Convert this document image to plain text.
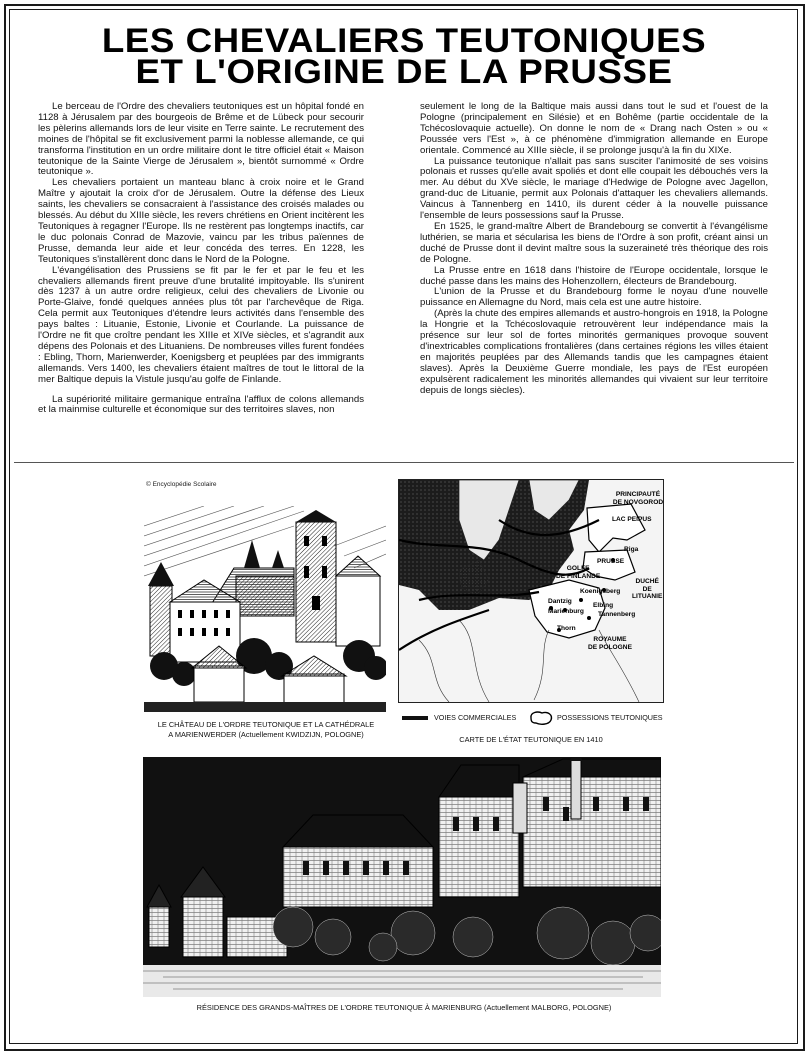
LES CHEVALIERS TEUTONIQUES
ET L'ORIGINE DE LA PRUSSE

Le berceau de l'Ordre des chevaliers teutoniques est un hôpital fondé en 1128 à Jérusalem par des bourgeois de Brême et de Lübeck pour secourir les pèlerins allemands lors de leur visite en Terre sainte. Le recrutement des moines de l'hôpital se fit exclusivement parmi la noblesse allemande, ce qui transforma l'institution en un ordre militaire dont le titre officiel était « Maison teutonique de la Sainte Vierge de Jérusalem », bientôt surnommé « Ordre teutonique ».

Les chevaliers portaient un manteau blanc à croix noire et le Grand Maître y ajoutait la croix d'or de Jérusalem. Outre la défense des Lieux saints, les chevaliers se consacraient à l'assistance des croisés malades ou blessés. Au début du XIIIe siècle, les revers chrétiens en Orient incitèrent les Teutoniques à regagner l'Europe. Ils ne restèrent pas longtemps inactifs, car le duc polonais Conrad de Mazovie, vaincu par les tribus païennes de Prusse, demanda leur aide et leur concéda des terres. En 1228, les Teutoniques s'installèrent donc dans le Nord de la Pologne.

L'évangélisation des Prussiens se fit par le fer et par le feu et les chevaliers allemands firent preuve d'une brutalité impitoyable. Ils s'unirent dès 1237 à un autre ordre religieux, celui des chevaliers de Livonie ou Porte-Glaive, fondé quelques années plus tôt par l'archevêque de Riga. Cela permit aux Teutoniques d'étendre leurs activités dans l'ensemble des pays baltes : Lituanie, Estonie, Livonie et Courlande. La puissance de l'Ordre ne fit que croître pendant les XIIIe et XIVe siècles, et s'agrandit aux dépens des Polonais et des Lituaniens. De nombreuses villes furent fondées : Ebling, Thorn, Marienwerder, Koenigsberg et peuplées par des immigrants allemands. Vers 1400, les chevaliers étaient maîtres de tout le littoral de la mer Baltique depuis la Vistule jusqu'au golfe de Finlande.

La supériorité militaire germanique entraîna l'afflux de colons allemands et la mainmise culturelle et économique sur des territoires slaves, non

seulement le long de la Baltique mais aussi dans tout le sud et l'ouest de la Pologne (principalement en Silésie) et en Bohême (partie occidentale de la Tchécoslovaquie actuelle). On donne le nom de « Drang nach Osten » ou « Poussée vers l'Est », à ce phénomène d'immigration allemande en Europe orientale. Commencé au XIIIe siècle, il se prolonge jusqu'à la fin du XIXe.

La puissance teutonique n'allait pas sans susciter l'animosité de ses voisins polonais et russes qu'elle avait spoliés et dont elle coupait les débouchés vers la mer. Au début du XVe siècle, le mariage d'Hedwige de Pologne avec Jagellon, grand-duc de Lituanie, permit aux Polonais d'attaquer les chevaliers allemands. Vaincus à Tannenberg en 1410, ils durent céder à la nouvelle puissance l'ensemble de leurs possessions sauf la Prusse.

En 1525, le grand-maître Albert de Brandebourg se convertit à l'évangélisme luthérien, se maria et sécularisa les biens de l'Ordre à son profit, créant ainsi un duché de Prusse dont il devint maître sous la suzeraineté très théorique des rois de Pologne.

La Prusse entre en 1618 dans l'histoire de l'Europe occidentale, lorsque le duché passe dans les mains des Hohenzollern, électeurs de Brandebourg.

L'union de la Prusse et du Brandebourg forme le noyau d'une nouvelle puissance en Allemagne du Nord, mais cela est une autre histoire.

(Après la chute des empires allemands et austro-hongrois en 1918, la Pologne la Hongrie et la Tchécoslovaquie retrouvèrent leur indépendance mais la présence sur leur sol de fortes minorités germaniques provoque souvent d'inextricables complications frontalières (dans certaines régions les villes étaient en majorités peuplées par des Allemands tandis que les campagnes étaient slaves). Après la Deuxième Guerre mondiale, les pays de l'Est européen expulsèrent radicalement les minorités allemandes qui vivaient sur leur territoire depuis de longs siècles).

© Encyclopédie Scolaire
LE CHÂTEAU DE L'ORDRE TEUTONIQUE ET LA CATHÉDRALE
A MARIENWERDER (Actuellement KWIDZIJN, POLOGNE)
PRINCIPAUTÉ
DE NOVGOROD
LAC PEIPUS
Riga
PRUSSE
GOLFE
DE FINLANDE
DUCHÉ
DE
LITUANIE
Koenigsberg
Dantzig
Elbing
Marienburg Tannenberg
Thorn
ROYAUME
DE POLOGNE
VOIES COMMERCIALES	POSSESSIONS TEUTONIQUES
CARTE DE L'ÉTAT TEUTONIQUE EN 1410
RÉSIDENCE DES GRANDS-MAÎTRES DE L'ORDRE TEUTONIQUE À MARIENBURG (Actuellement MALBORG, POLOGNE)
